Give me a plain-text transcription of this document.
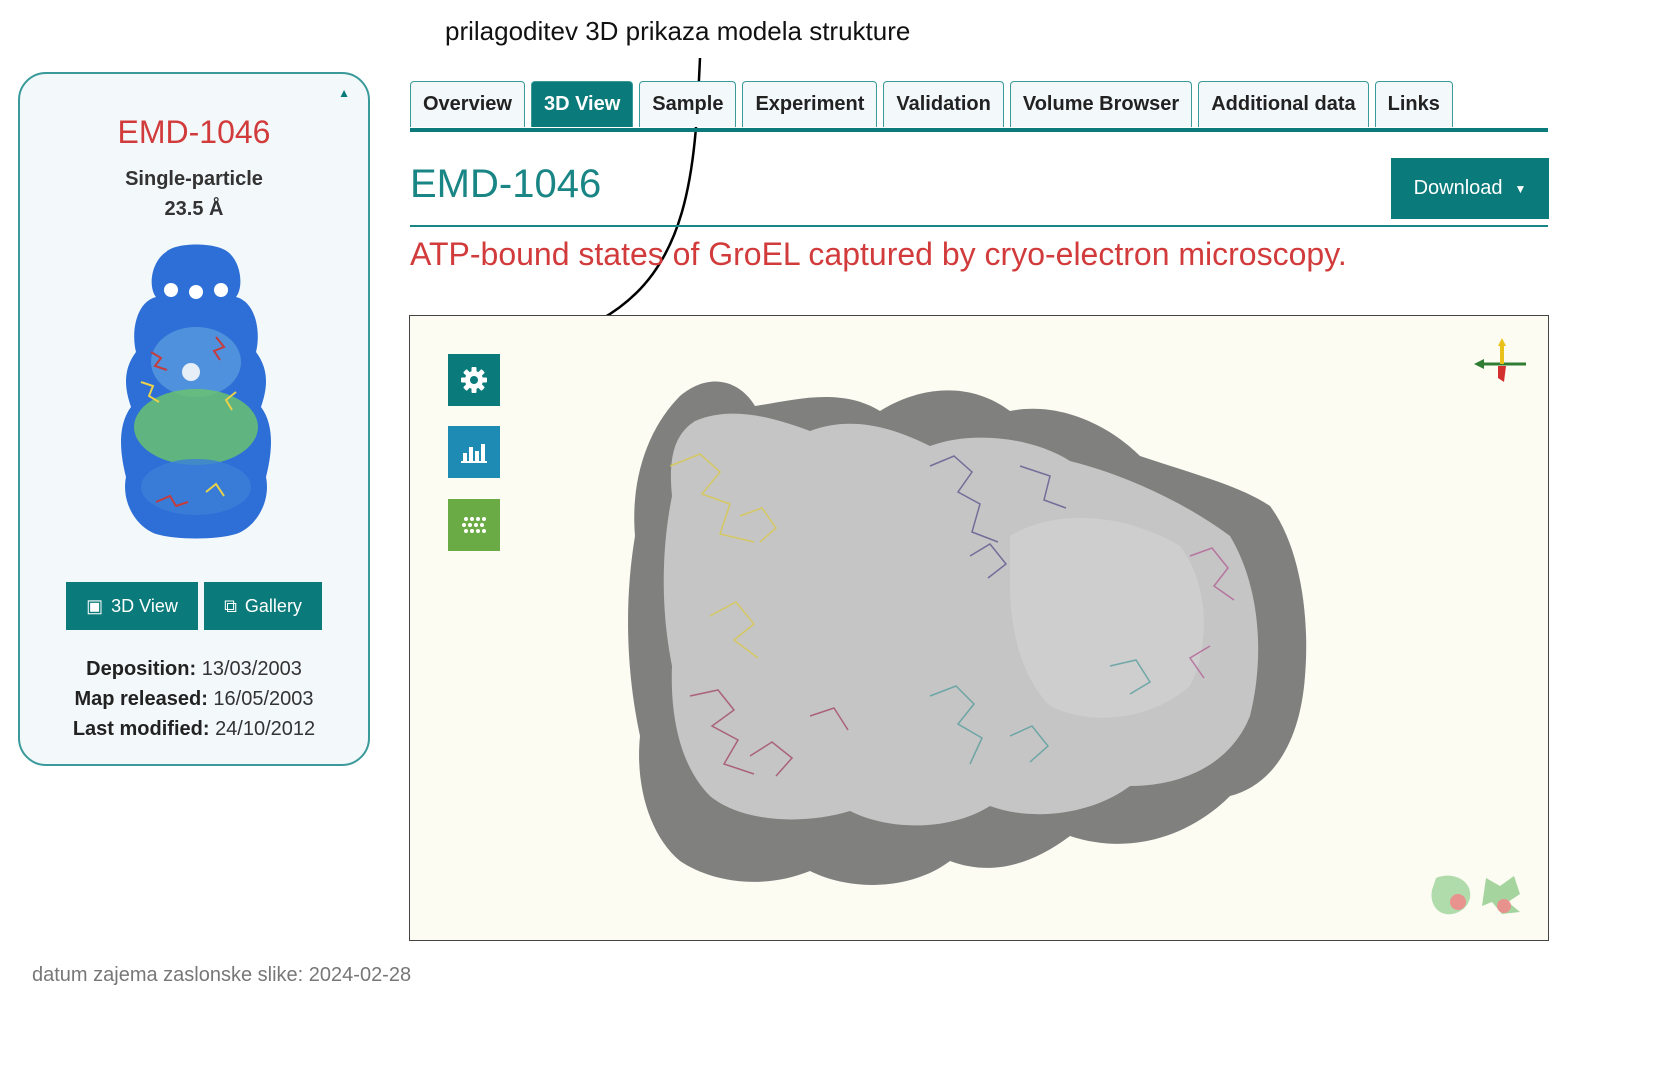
prilagoditev 3D prikaza modela strukture
▲
EMD-1046
Single-particle
23.5 Å
▣ 3D View	⧉ Gallery
Deposition: 13/03/2003
Map released: 16/05/2003
Last modified: 24/10/2012
Overview	3D View	Sample	Experiment	Validation	Volume Browser	Additional data	Links
EMD-1046	Download ▼
ATP-bound states of GroEL captured by cryo-electron microscopy.
datum zajema zaslonske slike: 2024-02-28
